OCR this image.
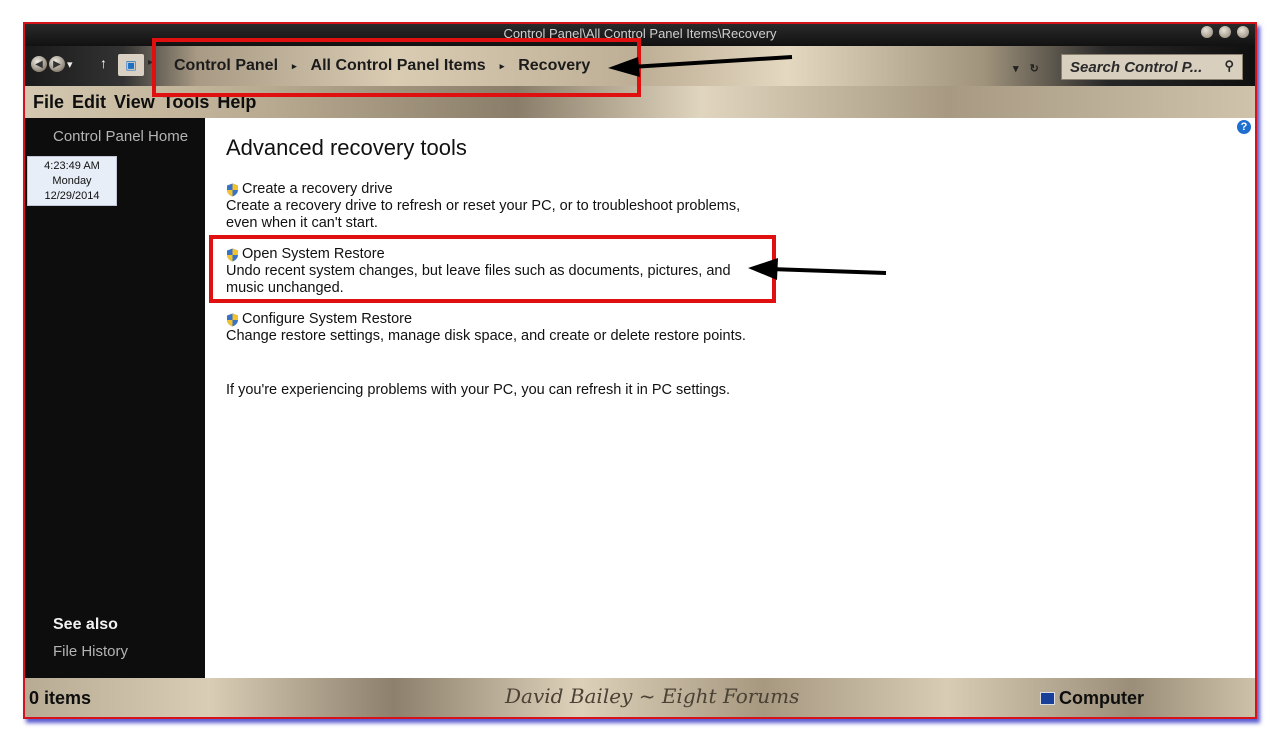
Control Panel\All Control Panel Items\Recovery
◀	▶ ▾ ↑	▣	▸	Control Panel	▸ All Control Panel Items	▸ Recovery	▾ ↻	Search Control P... ⚲
File Edit View Tools Help
Control Panel Home
4:23:49 AM
Monday
12/29/2014
See also
File History
?
Advanced recovery tools
Create a recovery drive
Create a recovery drive to refresh or reset your PC, or to troubleshoot problems, even when it can't start.
Open System Restore
Undo recent system changes, but leave files such as documents, pictures, and music unchanged.
Configure System Restore
Change restore settings, manage disk space, and create or delete restore points.
If you're experiencing problems with your PC, you can refresh it in PC settings.
0 items	David Bailey ~ Eight Forums	Computer
